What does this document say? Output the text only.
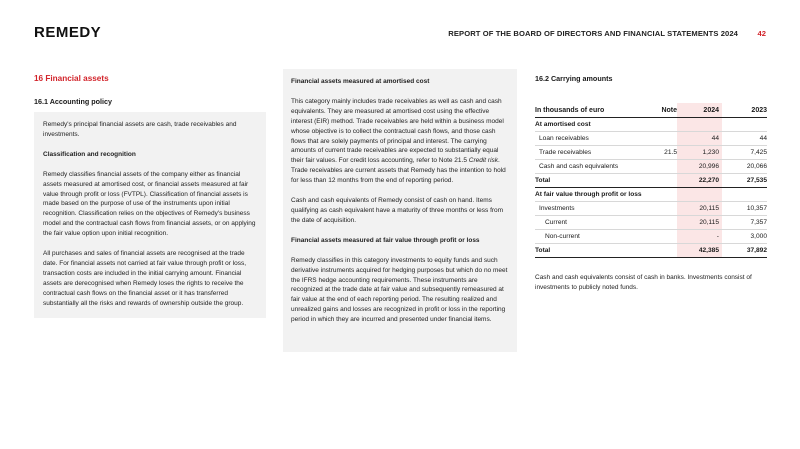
REMEDY	REPORT OF THE BOARD OF DIRECTORS AND FINANCIAL STATEMENTS 2024	42
16 Financial assets
16.1 Accounting policy

Remedy's principal financial assets are cash, trade receivables and investments.

Classification and recognition

Remedy classifies financial assets of the company either as financial assets measured at amortised cost, or financial assets measured at fair value through profit or loss (FVTPL). Classification of financial assets is made based on the purpose of use of the instruments upon initial recognition. Classification relies on the objectives of Remedy's business model and the contractual cash flows from financial assets, or on applying the fair value option upon initial recognition.

All purchases and sales of financial assets are recognised at the trade date. For financial assets not carried at fair value through profit or loss, transaction costs are included in the initial carrying amount. Financial assets are derecognised when Remedy loses the rights to receive the contractual cash flows on the financial asset or it has transferred substantially all the risks and rewards of ownership outside the group.

Financial assets measured at amortised cost

This category mainly includes trade receivables as well as cash and cash equivalents. They are measured at amortised cost using the effective interest (EIR) method. Trade receivables are held within a business model whose objective is to collect the contractual cash flows, and those cash flows that are solely payments of principal and interest. The carrying amounts of current trade receivables are expected to substantially equal their fair values. For credit loss accounting, refer to Note 21.5 Credit risk. Trade receivables are current assets that Remedy has the intention to hold for less than 12 months from the end of reporting period.

Cash and cash equivalents of Remedy consist of cash on hand. Items qualifying as cash equivalent have a maturity of three months or less from the date of acquisition.

Financial assets measured at fair value through profit or loss

Remedy classifies in this category investments to equity funds and such derivative instruments acquired for hedging purposes but which do no meet the IFRS hedge accounting requirements. These instruments are recognized at the trade date at fair value and subsequently remeasured at fair value at the end of each reporting period. The resulting realized and unrealized gains and losses are recognized in profit or loss in the reporting period in which they are incurred and presented under financial items.

16.2 Carrying amounts
In thousands of euro	Note	2024	2023
At amortised cost			
Loan receivables		44	44
Trade receivables	21.5	1,230	7,425
Cash and cash equivalents		20,996	20,066
Total		22,270	27,535
At fair value through profit or loss			
Investments		20,115	10,357
Current		20,115	7,357
Non-current		-	3,000
Total		42,385	37,892

Cash and cash equivalents consist of cash in banks. Investments consist of investments to publicly noted funds.
